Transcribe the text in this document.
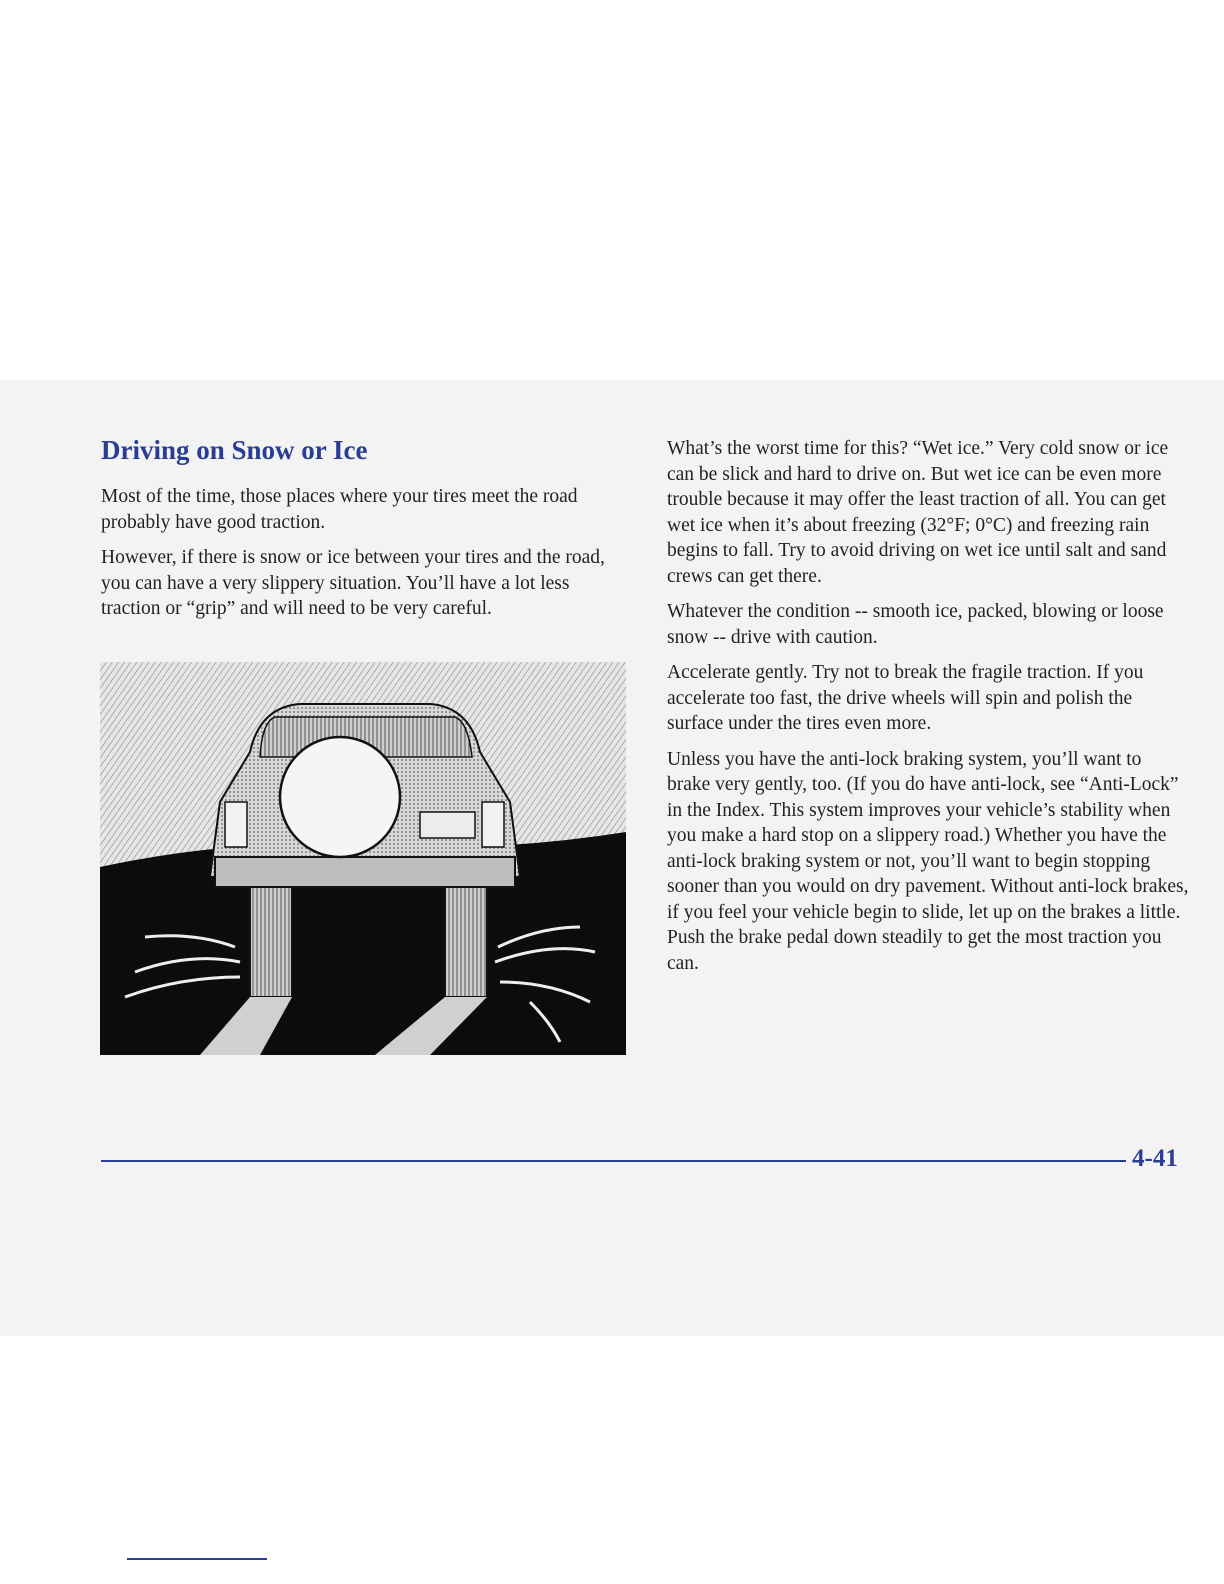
Driving on Snow or Ice

Most of the time, those places where your tires meet the road probably have good traction.

However, if there is snow or ice between your tires and the road, you can have a very slippery situation. You’ll have a lot less traction or “grip” and will need to be very careful.

What’s the worst time for this? “Wet ice.” Very cold snow or ice can be slick and hard to drive on. But wet ice can be even more trouble because it may offer the least traction of all. You can get wet ice when it’s about freezing (32°F; 0°C) and freezing rain begins to fall. Try to avoid driving on wet ice until salt and sand crews can get there.

Whatever the condition -- smooth ice, packed, blowing or loose snow -- drive with caution.

Accelerate gently. Try not to break the fragile traction. If you accelerate too fast, the drive wheels will spin and polish the surface under the tires even more.

Unless you have the anti-lock braking system, you’ll want to brake very gently, too. (If you do have anti-lock, see “Anti-Lock” in the Index. This system improves your vehicle’s stability when you make a hard stop on a slippery road.) Whether you have the anti-lock braking system or not, you’ll want to begin stopping sooner than you would on dry pavement. Without anti-lock brakes, if you feel your vehicle begin to slide, let up on the brakes a little. Push the brake pedal down steadily to get the most traction you can.

4-41
